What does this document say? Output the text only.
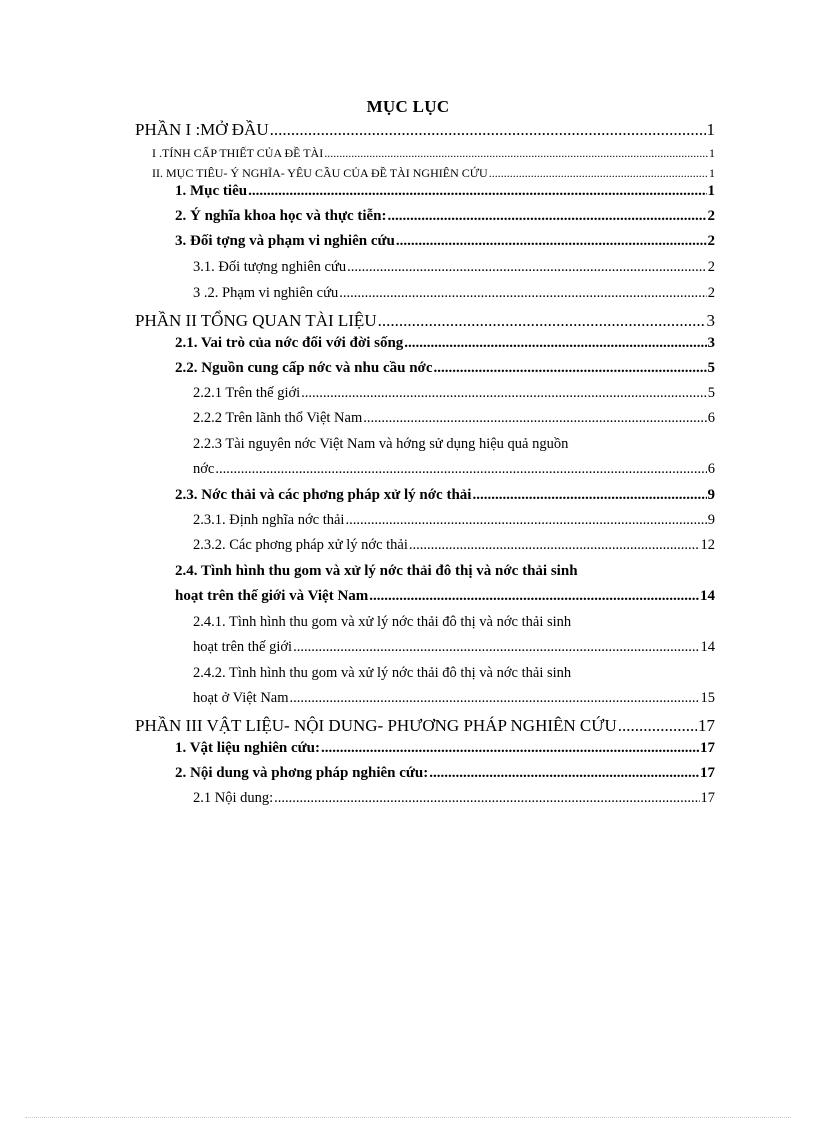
MỤC LỤC
PHẦN I :MỞ ĐẦU .....	1
I .TÍNH CẤP THIẾT CỦA ĐỀ TÀI .....	1
II. MỤC TIÊU- Ý NGHĨA- YÊU CẦU CỦA ĐỀ TÀI NGHIÊN CỨU .....	1
1. Mục tiêu .....	1
2. Ý nghĩa khoa học và thực tiễn: .....	2
3. Đối tợng và phạm vi nghiên cứu .....	2
3.1. Đối tượng nghiên cứu .....	2
3 .2. Phạm vi nghiên cứu .....	2
PHẦN II TỔNG QUAN TÀI LIỆU .....	3
2.1. Vai trò của nớc đối với đời sống .....	3
2.2. Nguồn cung cấp nớc và nhu cầu nớc .....	5
2.2.1 Trên thế giới .....	5
2.2.2 Trên lãnh thổ Việt Nam .....	6
2.2.3 Tài nguyên nớc Việt Nam và hớng sử dụng hiệu quả nguồn
nớc .....	6
2.3. Nớc thải và các phơng pháp xử lý nớc thải .....	9
2.3.1. Định nghĩa nớc thải .....	9
2.3.2. Các phơng pháp xử lý nớc thải .....	12
2.4. Tình hình thu gom và xử lý nớc thải đô thị và nớc thải sinh
hoạt trên thế giới và Việt Nam .....	14
2.4.1. Tình hình thu gom và xử lý nớc thải đô thị và nớc thải sinh
hoạt trên thế giới .....	14
2.4.2. Tình hình thu gom và xử lý nớc thải đô thị và nớc thải sinh
hoạt ở Việt Nam .....	15
PHẦN III VẬT LIỆU- NỘI DUNG- PHƯƠNG PHÁP NGHIÊN CỨU .....	17
1. Vật liệu nghiên cứu: .....	17
2. Nội dung và phơng pháp nghiên cứu: .....	17
2.1 Nội dung: .....	17
